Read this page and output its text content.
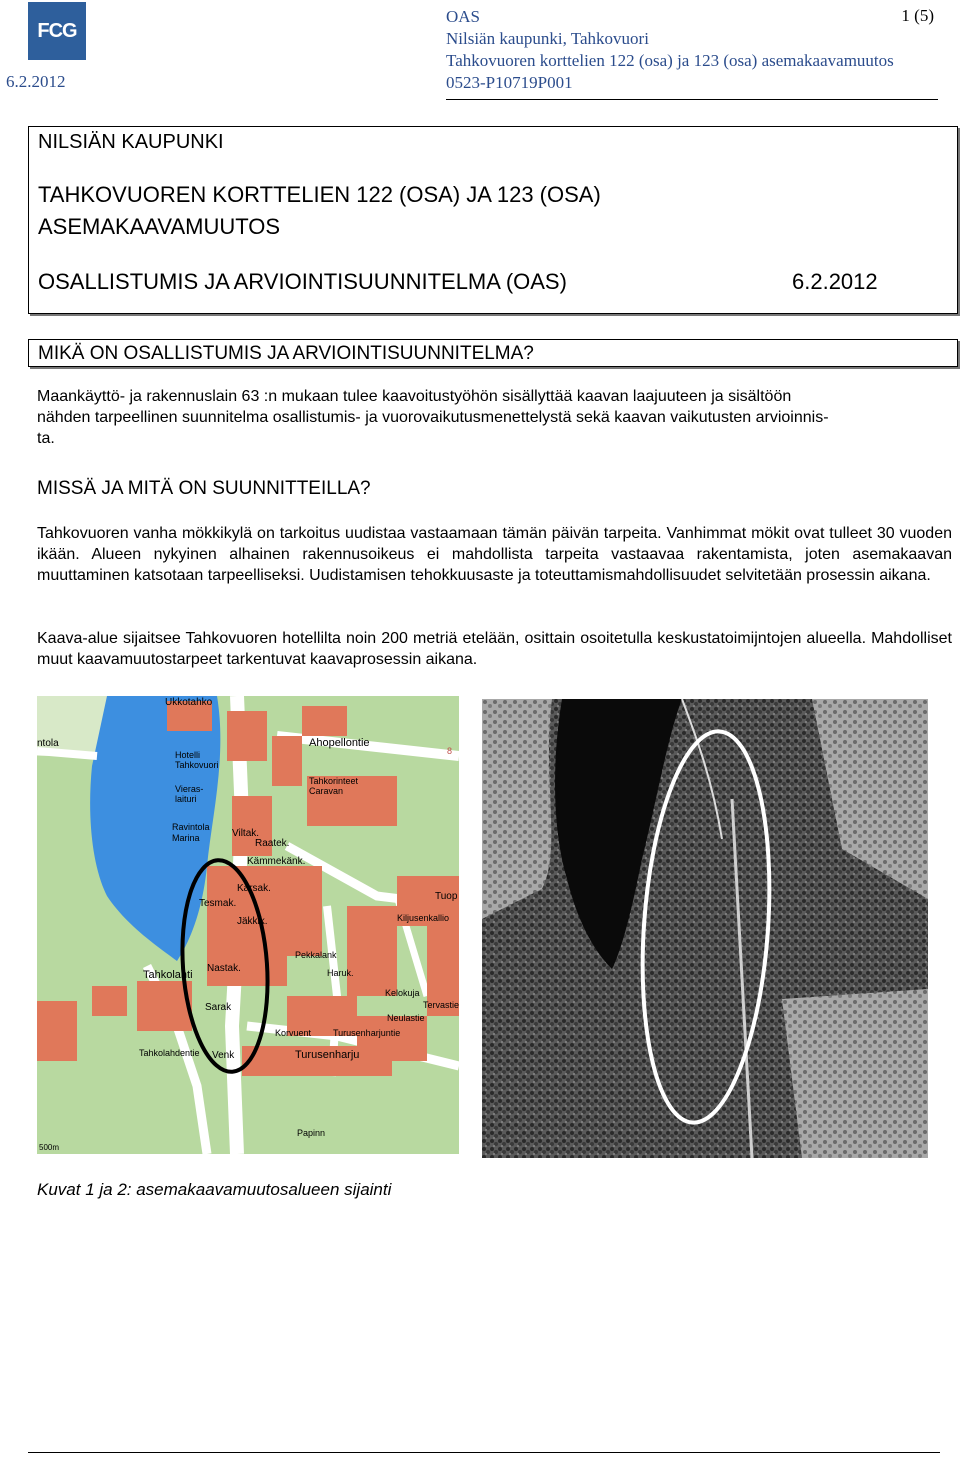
FCG
6.2.2012
OAS
Nilsiän kaupunki, Tahkovuori
Tahkovuoren korttelien 122 (osa) ja 123 (osa) asemakaavamuutos
0523-P10719P001
1 (5)
NILSIÄN KAUPUNKI
TAHKOVUOREN KORTTELIEN 122 (OSA) JA 123 (OSA)
ASEMAKAAVAMUUTOS
OSALLISTUMIS JA ARVIOINTISUUNNITELMA (OAS)	6.2.2012
MIKÄ ON OSALLISTUMIS JA ARVIOINTISUUNNITELMA?
Maankäyttö- ja rakennuslain 63 :n mukaan tulee kaavoitustyöhön sisällyttää kaavan laajuuteen ja sisältöön
nähden tarpeellinen suunnitelma osallistumis- ja vuorovaikutusmenettelystä sekä kaavan vaikutusten arvioinnis-
ta.
MISSÄ JA MITÄ ON SUUNNITTEILLA?
Tahkovuoren vanha mökkikylä on tarkoitus uudistaa vastaamaan tämän päivän tarpeita. Vanhimmat mökit ovat tulleet 30 vuoden ikään. Alueen nykyinen alhainen rakennusoikeus ei mahdollista tarpeita vastaavaa rakentamista, joten asemakaavan muuttaminen katsotaan tarpeelliseksi. Uudistamisen tehokkuusaste ja toteuttamismahdollisuudet selvitetään prosessin aikana.
Kaava-alue sijaitsee Tahkovuoren hotellilta noin 200 metriä etelään, osittain osoitetulla keskustatoimijntojen alueella. Mahdolliset muut kaavamuutostarpeet tarkentuvat kaavaprosessin aikana.
Ukkotahko
Hotelli
Tahkovuori
Vieras-
laituri
Ravintola
Marina
ntola	Ahopellontie
Tahkorinteet
Caravan
8
Viltak.
Raatek.
Kämmekänk.
Tesmak.
Kärsak.
Jäkkik.
Tahkolahti
Nastak.
Sarak
Venk
Tuop
Turusenharju
Pekkalank
Haruk.
Kelokuja
Neulastie
Tervastie
Kiljusenkallio
Tahkolahdentie
Korvuent Turusenharjuntie
Papinn
500m
Kuvat 1 ja 2: asemakaavamuutosalueen sijainti
